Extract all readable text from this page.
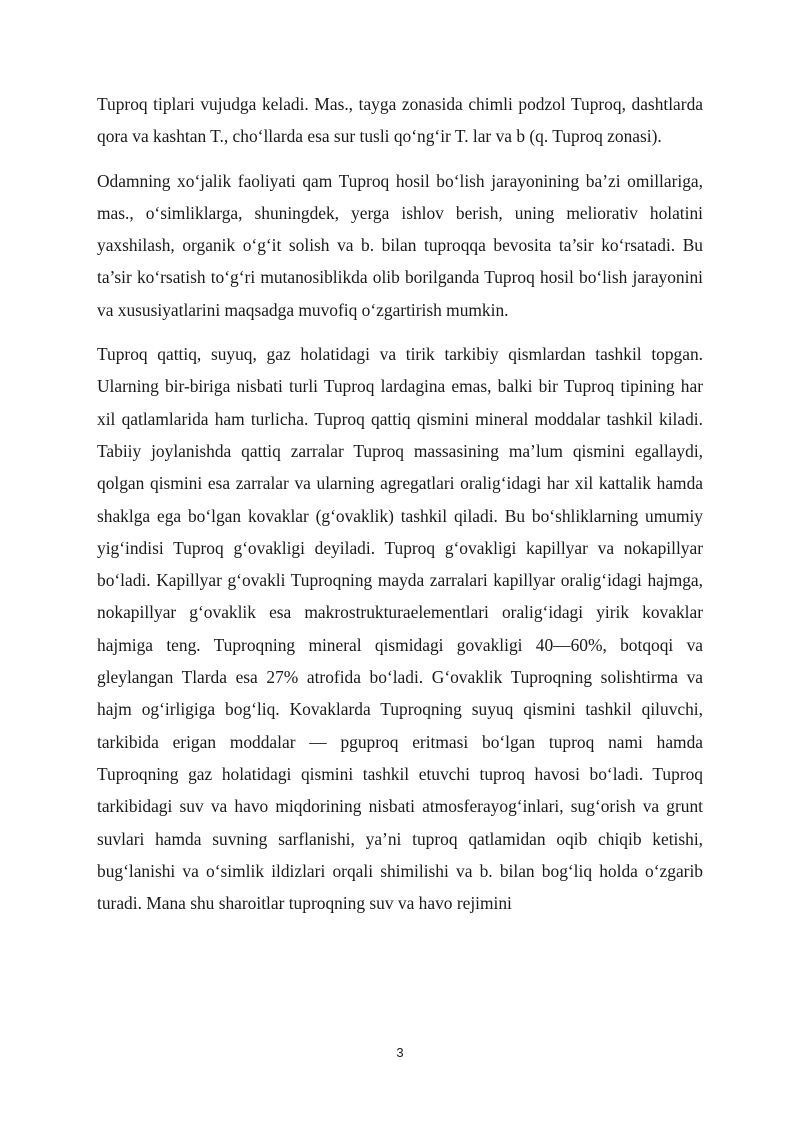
Tuproq tiplari vujudga keladi. Mas., tayga zonasida chimli podzol Tuproq, dashtlarda qora va kashtan T., cho‘llarda esa sur tusli qo‘ng‘ir T. lar va b (q. Tuproq zonasi).

Odamning xo‘jalik faoliyati qam Tuproq hosil bo‘lish jarayonining ba’zi omillariga, mas., o‘simliklarga, shuningdek, yerga ishlov berish, uning meliorativ holatini yaxshilash, organik o‘g‘it solish va b. bilan tuproqqa bevosita ta’sir ko‘rsatadi. Bu ta’sir ko‘rsatish to‘g‘ri mutanosiblikda olib borilganda Tuproq hosil bo‘lish jarayonini va xususiyatlarini maqsadga muvofiq o‘zgartirish mumkin.

Tuproq qattiq, suyuq, gaz holatidagi va tirik tarkibiy qismlardan tashkil topgan. Ularning bir-biriga nisbati turli Tuproq lardagina emas, balki bir Tuproq tipining har xil qatlamlarida ham turlicha. Tuproq qattiq qismini mineral moddalar tashkil kiladi. Tabiiy joylanishda qattiq zarralar Tuproq massasining ma’lum qismini egallaydi, qolgan qismini esa zarralar va ularning agregatlari oralig‘idagi har xil kattalik hamda shaklga ega bo‘lgan kovaklar (g‘ovaklik) tashkil qiladi. Bu bo‘shliklarning umumiy yig‘indisi Tuproq g‘ovakligi deyiladi. Tuproq g‘ovakligi kapillyar va nokapillyar bo‘ladi. Kapillyar g‘ovakli Tuproqning mayda zarralari kapillyar oralig‘idagi hajmga, nokapillyar g‘ovaklik esa makrostrukturaelementlari oralig‘idagi yirik kovaklar hajmiga teng. Tuproqning mineral qismidagi govakligi 40—60%, botqoqi va gleylangan Tlarda esa 27% atrofida bo‘ladi. G‘ovaklik Tuproqning solishtirma va hajm og‘irligiga bog‘liq. Kovaklarda Tuproqning suyuq qismini tashkil qiluvchi, tarkibida erigan moddalar — pguproq eritmasi bo‘lgan tuproq nami hamda Tuproqning gaz holatidagi qismini tashkil etuvchi tuproq havosi bo‘ladi. Tuproq tarkibidagi suv va havo miqdorining nisbati atmosferayog‘inlari, sug‘orish va grunt suvlari hamda suvning sarflanishi, ya’ni tuproq qatlamidan oqib chiqib ketishi, bug‘lanishi va o‘simlik ildizlari orqali shimilishi va b. bilan bog‘liq holda o‘zgarib turadi. Mana shu sharoitlar tuproqning suv va havo rejimini

3
